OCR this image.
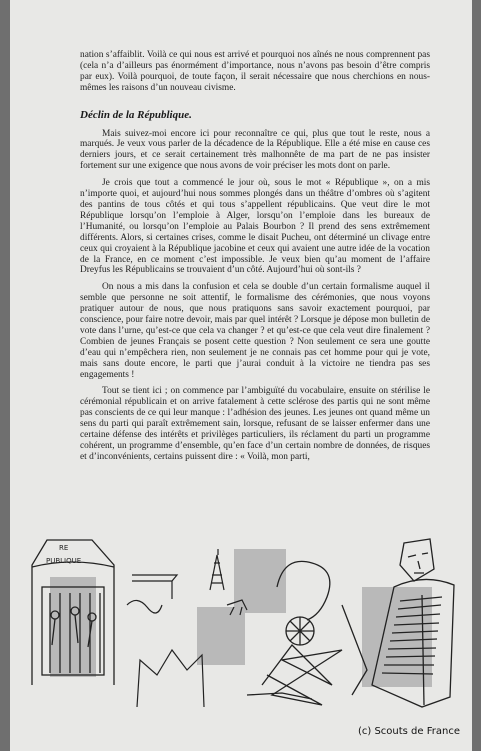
nation s’affaiblit. Voilà ce qui nous est arrivé et pourquoi nos aînés ne nous comprennent pas (cela n’a d’ailleurs pas énormément d’importance, nous n’avons pas besoin d’être compris par eux). Voilà pourquoi, de toute façon, il serait nécessaire que nous cherchions en nous-mêmes les raisons d’un nouveau civisme.

Déclin de la République.

Mais suivez-moi encore ici pour reconnaître ce qui, plus que tout le reste, nous a marqués. Je veux vous parler de la décadence de la République. Elle a été mise en cause ces derniers jours, et ce serait certainement très malhonnête de ma part de ne pas insister fortement sur une exigence que nous avons de voir préciser les mots dont on parle.

Je crois que tout a commencé le jour où, sous le mot « République », on a mis n’importe quoi, et aujourd’hui nous sommes plongés dans un théâtre d’ombres où s’agitent des pantins de tous côtés et qui tous s’appellent républicains. Que veut dire le mot République lorsqu’on l’emploie à Alger, lorsqu’on l’emploie dans les bureaux de l’Humanité, ou lorsqu’on l’emploie au Palais Bourbon ? Il prend des sens extrêmement différents. Alors, si certaines crises, comme le disait Pucheu, ont déterminé un clivage entre ceux qui croyaient à la République jacobine et ceux qui avaient une autre idée de la vocation de la France, en ce moment c’est impossible. Je veux bien qu’au moment de l’affaire Dreyfus les Républicains se trouvaient d’un côté. Aujourd’hui où sont-ils ?

On nous a mis dans la confusion et cela se double d’un certain formalisme auquel il semble que personne ne soit attentif, le formalisme des cérémonies, que nous voyons pratiquer autour de nous, que nous pratiquons sans savoir exactement pourquoi, par conscience, pour faire notre devoir, mais par quel intérêt ? Lorsque je dépose mon bulletin de vote dans l’urne, qu’est-ce que cela va changer ? et qu’est-ce que cela veut dire finalement ? Combien de jeunes Français se posent cette question ? Non seulement ce sera une goutte d’eau qui n’empêchera rien, non seulement je ne connais pas cet homme pour qui je vote, mais sans doute encore, le parti que j’aurai conduit à la victoire ne tiendra pas ses engagements !

Tout se tient ici ; on commence par l’ambiguïté du vocabulaire, ensuite on stérilise le cérémonial républicain et on arrive fatalement à cette sclérose des partis qui ne sont même pas conscients de ce qui leur manque : l’adhésion des jeunes. Les jeunes ont quand même un sens du parti qui paraît extrêmement sain, lorsque, refusant de se laisser enfermer dans une certaine défense des intérêts et privilèges particuliers, ils réclament du parti un programme cohérent, un programme d’ensemble, qu’en face d’un certain nombre de données, de risques et d’inconvénients, certains puissent dire : « Voilà, mon parti,

RE
PUBLIQUE
(c) Scouts de France
